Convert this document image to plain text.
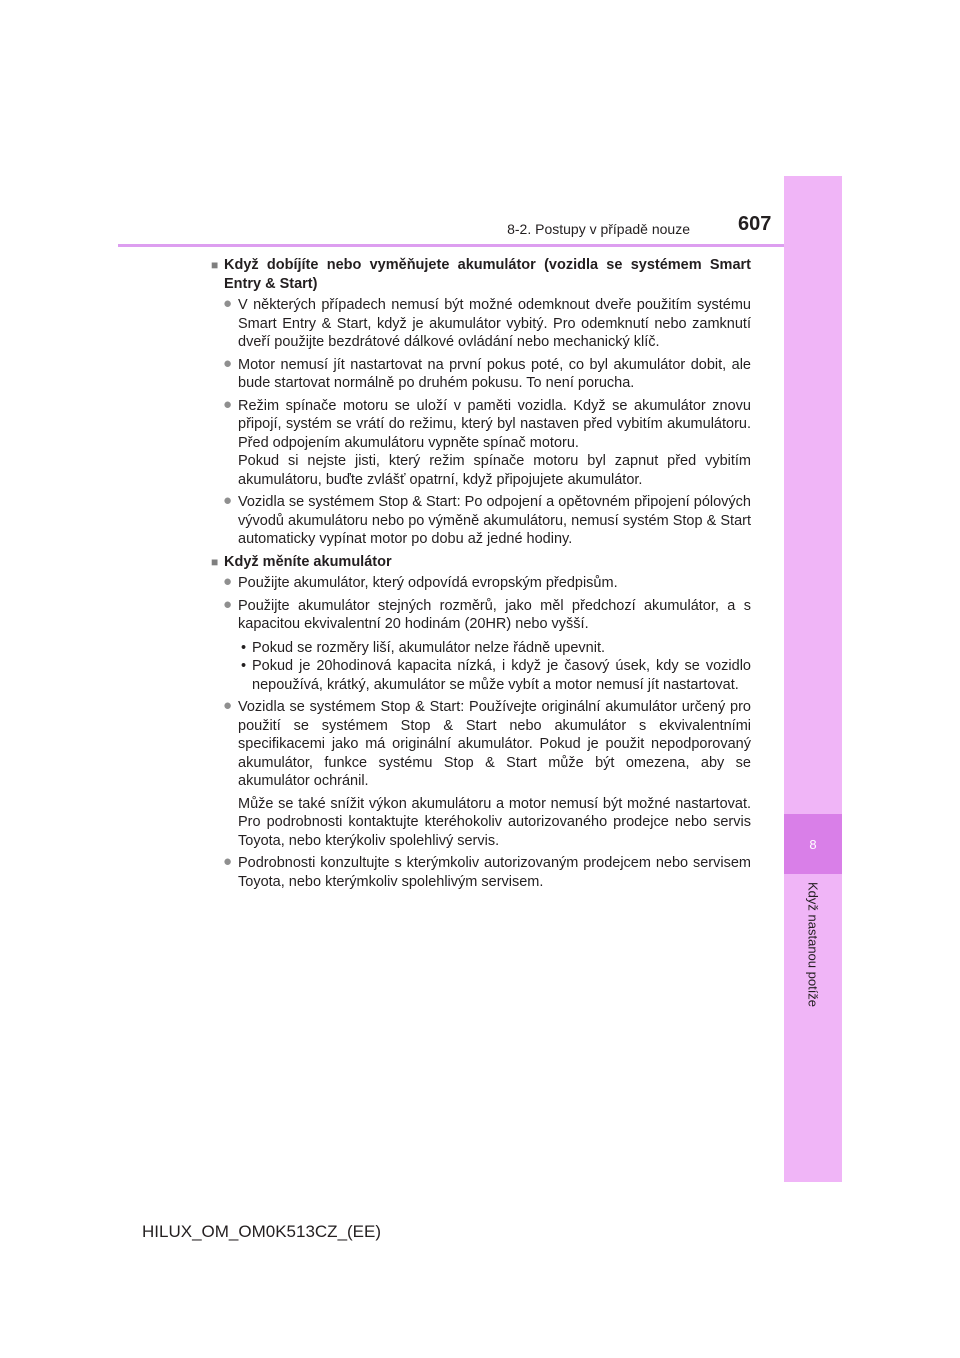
8
Když nastanou potíže
8-2. Postupy v případě nouze 607
■ Když dobíjíte nebo vyměňujete akumulátor (vozidla se systémem Smart Entry & Start)
● V některých případech nemusí být možné odemknout dveře použitím systému Smart Entry & Start, když je akumulátor vybitý. Pro odemknutí nebo zamknutí dveří použijte bezdrátové dálkové ovládání nebo mechanický klíč.
● Motor nemusí jít nastartovat na první pokus poté, co byl akumulátor dobit, ale bude startovat normálně po druhém pokusu. To není porucha.
● Režim spínače motoru se uloží v paměti vozidla. Když se akumulátor znovu připojí, systém se vrátí do režimu, který byl nastaven před vybitím akumulátoru. Před odpojením akumulátoru vypněte spínač motoru.
Pokud si nejste jisti, který režim spínače motoru byl zapnut před vybitím akumulátoru, buďte zvlášť opatrní, když připojujete akumulátor.
● Vozidla se systémem Stop & Start: Po odpojení a opětovném připojení pólových vývodů akumulátoru nebo po výměně akumulátoru, nemusí systém Stop & Start automaticky vypínat motor po dobu až jedné hodiny.
■ Když měníte akumulátor
● Použijte akumulátor, který odpovídá evropským předpisům.
● Použijte akumulátor stejných rozměrů, jako měl předchozí akumulátor, a s kapacitou ekvivalentní 20 hodinám (20HR) nebo vyšší.
• Pokud se rozměry liší, akumulátor nelze řádně upevnit.
• Pokud je 20hodinová kapacita nízká, i když je časový úsek, kdy se vozidlo nepoužívá, krátký, akumulátor se může vybít a motor nemusí jít nastartovat.
● Vozidla se systémem Stop & Start: Používejte originální akumulátor určený pro použití se systémem Stop & Start nebo akumulátor s ekvivalentními specifikacemi jako má originální akumulátor. Pokud je použit nepodporovaný akumulátor, funkce systému Stop & Start může být omezena, aby se akumulátor ochránil.
Může se také snížit výkon akumulátoru a motor nemusí být možné nastartovat. Pro podrobnosti kontaktujte kteréhokoliv autorizovaného prodejce nebo servis Toyota, nebo kterýkoliv spolehlivý servis.
● Podrobnosti konzultujte s kterýmkoliv autorizovaným prodejcem nebo servisem Toyota, nebo kterýmkoliv spolehlivým servisem.
HILUX_OM_OM0K513CZ_(EE)
